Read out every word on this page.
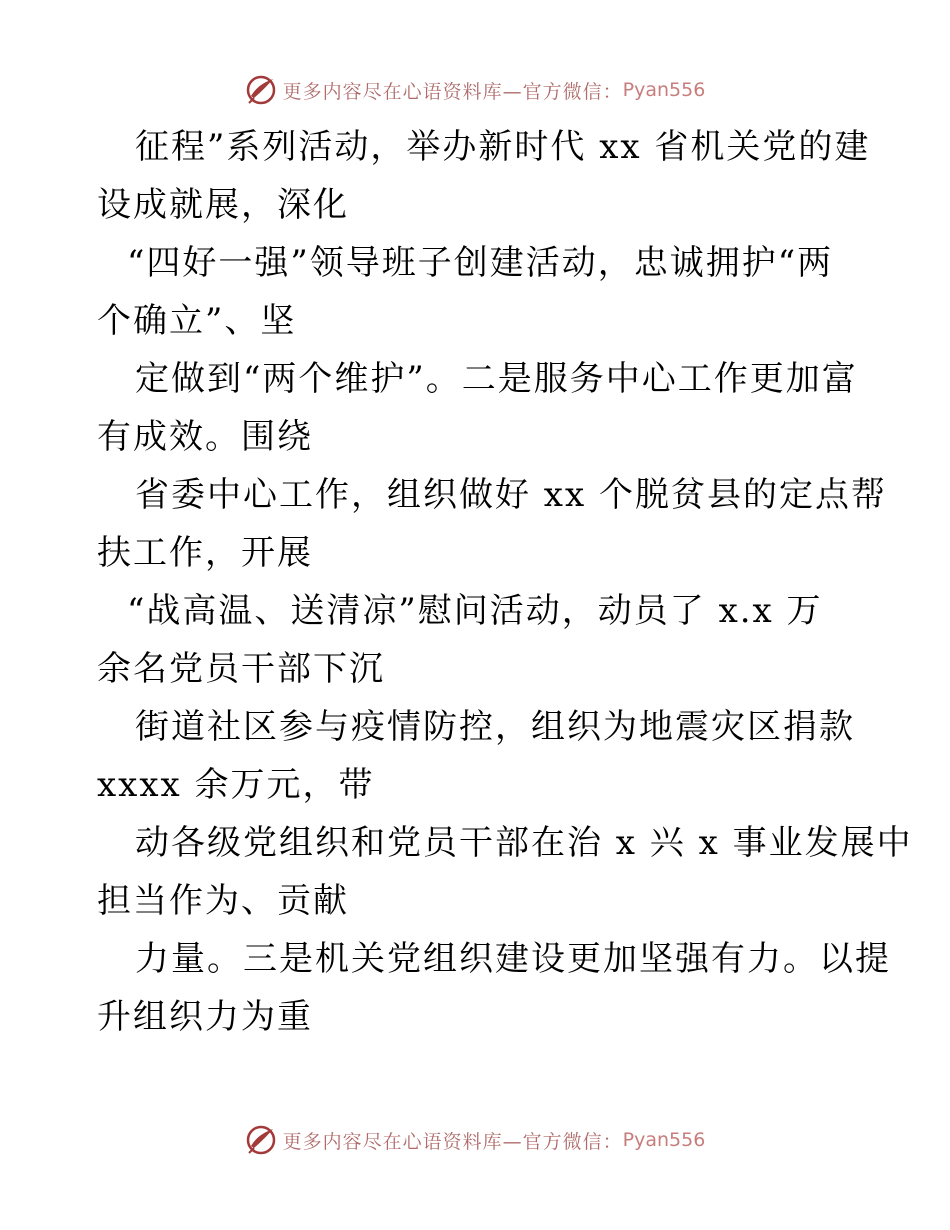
更多内容尽在心语资料库—官方微信： Pyan556
征程”系列活动，举办新时代 xx 省机关党的建
设成就展，深化
“四好一强”领导班子创建活动，忠诚拥护“两
个确立”、坚
定做到“两个维护”。二是服务中心工作更加富
有成效。围绕
省委中心工作，组织做好 xx 个脱贫县的定点帮
扶工作，开展
“战高温、送清凉”慰问活动，动员了 x.x 万
余名党员干部下沉
街道社区参与疫情防控，组织为地震灾区捐款
xxxx 余万元，带
动各级党组织和党员干部在治 x 兴 x 事业发展中
担当作为、贡献
力量。三是机关党组织建设更加坚强有力。以提
升组织力为重
更多内容尽在心语资料库—官方微信： Pyan556
